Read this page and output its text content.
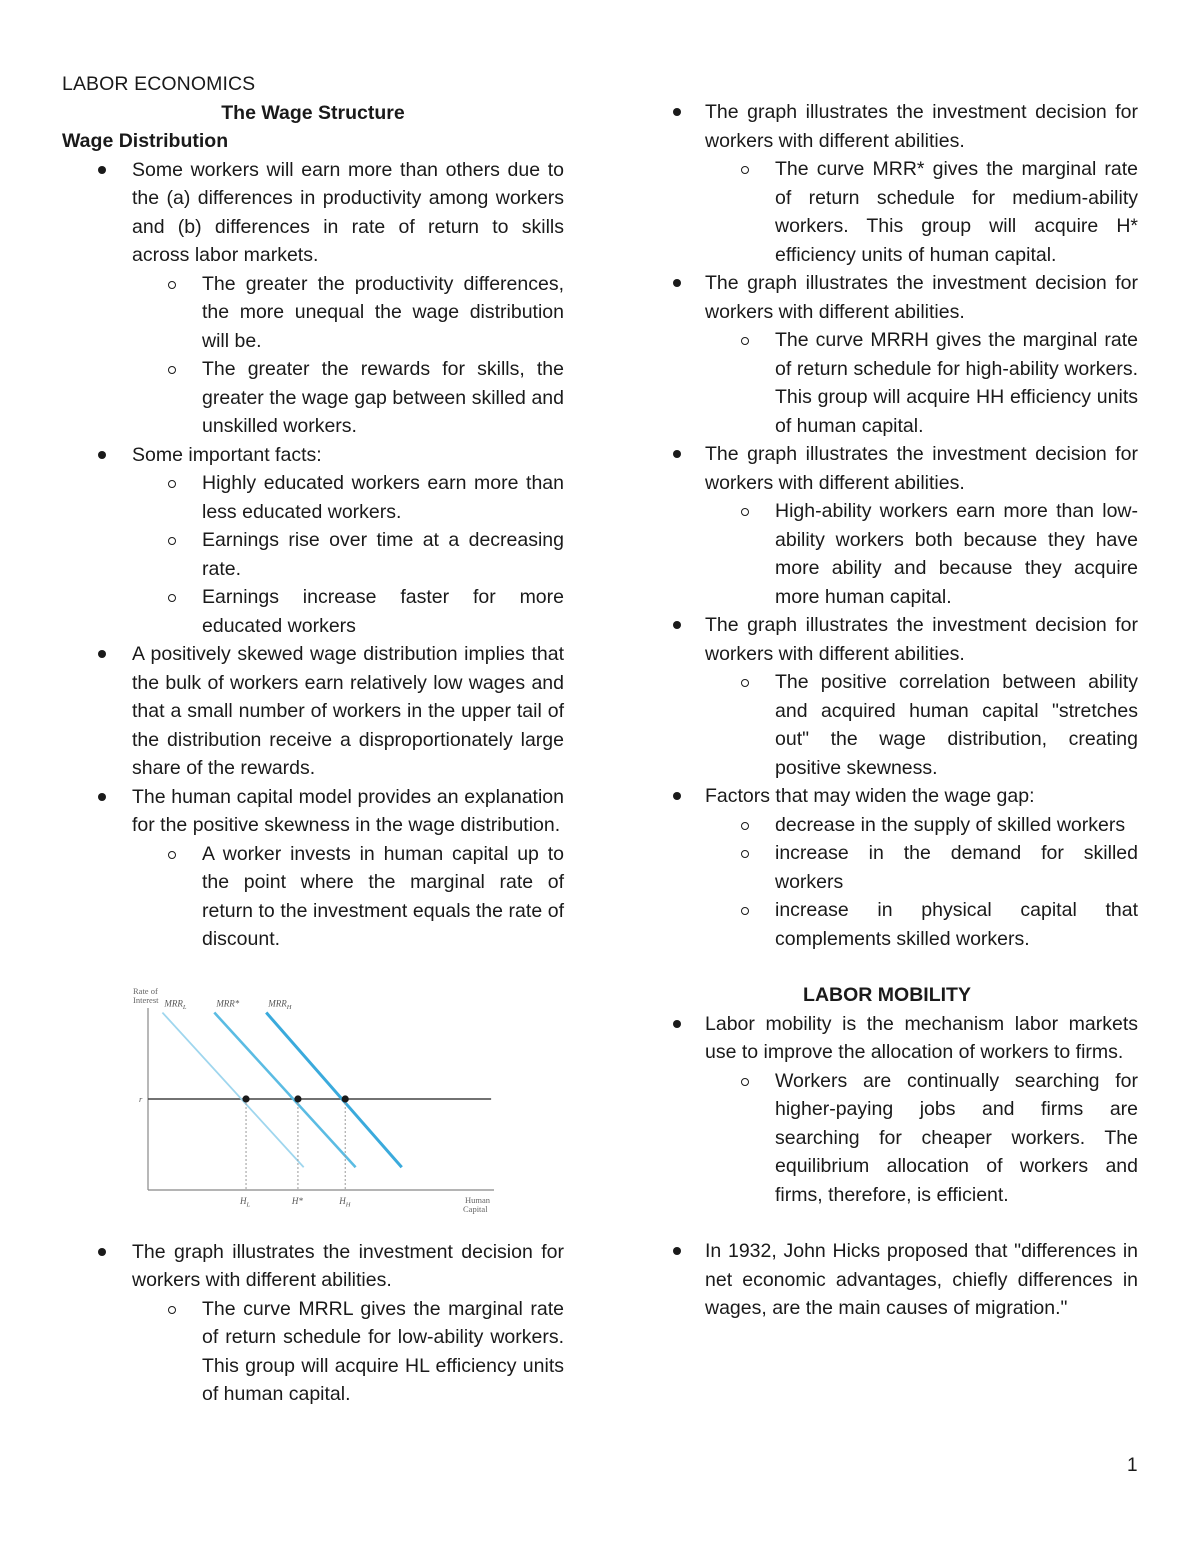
LABOR ECONOMICS
The Wage Structure
Wage Distribution
Some workers will earn more than others due to the (a) differences in productivity among workers and (b) differences in rate of return to skills across labor markets.
The greater the productivity differences, the more unequal the wage distribution will be.
The greater the rewards for skills, the greater the wage gap between skilled and unskilled workers.
Some important facts:
Highly educated workers earn more than less educated workers.
Earnings rise over time at a decreasing rate.
Earnings increase faster for more educated workers
A positively skewed wage distribution implies that the bulk of workers earn relatively low wages and that a small number of workers in the upper tail of the distribution receive a disproportionately large share of the rewards.
The human capital model provides an explanation for the positive skewness in the wage distribution.
A worker invests in human capital up to the point where the marginal rate of return to the investment equals the rate of discount.
Rate of
Interest
Human
Capital
r
$MRR_L$	MRR*	$MRR_H$
$H_L$	H*	$H_H$
The graph illustrates the investment decision for workers with different abilities.
The curve MRRL gives the marginal rate of return schedule for low-ability workers. This group will acquire HL efficiency units of human capital.
The graph illustrates the investment decision for workers with different abilities.
The curve MRR* gives the marginal rate of return schedule for medium-ability workers. This group will acquire H* efficiency units of human capital.
The graph illustrates the investment decision for workers with different abilities.
The curve MRRH gives the marginal rate of return schedule for high-ability workers. This group will acquire HH efficiency units of human capital.
The graph illustrates the investment decision for workers with different abilities.
High-ability workers earn more than low-ability workers both because they have more ability and because they acquire more human capital.
The graph illustrates the investment decision for workers with different abilities.
The positive correlation between ability and acquired human capital "stretches out" the wage distribution, creating positive skewness.
Factors that may widen the wage gap:
decrease in the supply of skilled workers
increase in the demand for skilled workers
increase in physical capital that complements skilled workers.
LABOR MOBILITY
Labor mobility is the mechanism labor markets use to improve the allocation of workers to firms.
Workers are continually searching for higher-paying jobs and firms are searching for cheaper workers. The equilibrium allocation of workers and firms, therefore, is efficient.
In 1932, John Hicks proposed that "differences in net economic advantages, chiefly differences in wages, are the main causes of migration."
1
